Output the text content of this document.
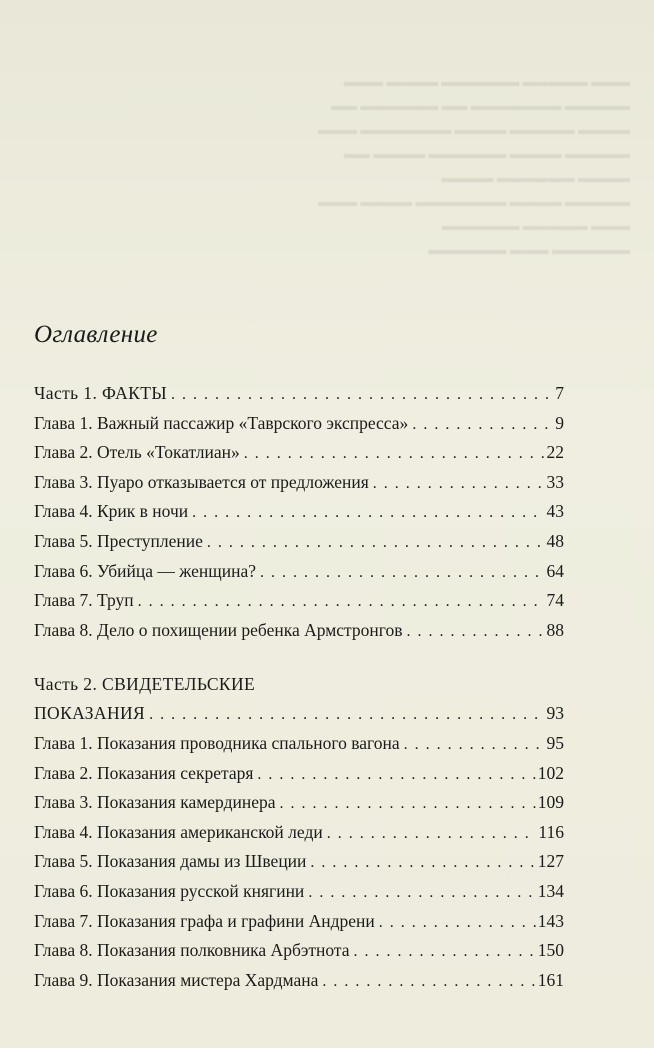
▬▬▬ ▬▬▬▬▬ ▬▬▬▬▬▬ ▬▬▬▬ ▬▬▬
▬▬▬▬▬ ▬▬▬▬▬▬▬ ▬▬ ▬▬▬▬▬▬ ▬▬
▬▬▬▬ ▬▬▬▬▬ ▬▬▬▬ ▬▬▬▬▬▬▬ ▬▬▬
▬▬▬▬▬ ▬▬▬▬ ▬▬▬▬▬▬ ▬▬▬▬ ▬▬
▬▬▬▬ ▬▬▬▬▬▬ ▬▬▬▬
▬▬▬▬▬ ▬▬▬▬ ▬▬▬▬▬▬▬ ▬▬▬▬ ▬▬▬
▬▬▬ ▬▬▬▬▬ ▬▬▬▬▬▬
▬▬▬▬▬▬ ▬▬▬ ▬▬▬▬▬▬
Оглавление
Часть 1. ФАКТЫ . . .	7
Глава 1. Важный пассажир «Таврского экспресса» . . .	9
Глава 2. Отель «Токатлиан» . . .	22
Глава 3. Пуаро отказывается от предложения . . .	33
Глава 4. Крик в ночи . . .	43
Глава 5. Преступление . . .	48
Глава 6. Убийца — женщина? . . .	64
Глава 7. Труп . . .	74
Глава 8. Дело о похищении ребенка Армстронгов . . .	88
Часть 2. СВИДЕТЕЛЬСКИЕ
ПОКАЗАНИЯ . . .	93
Глава 1. Показания проводника спального вагона . . .	95
Глава 2. Показания секретаря . . .	102
Глава 3. Показания камердинера . . .	109
Глава 4. Показания американской леди . . .	116
Глава 5. Показания дамы из Швеции . . .	127
Глава 6. Показания русской княгини . . .	134
Глава 7. Показания графа и графини Андрени . . .	143
Глава 8. Показания полковника Арбэтнота . . .	150
Глава 9. Показания мистера Хардмана . . .	161
